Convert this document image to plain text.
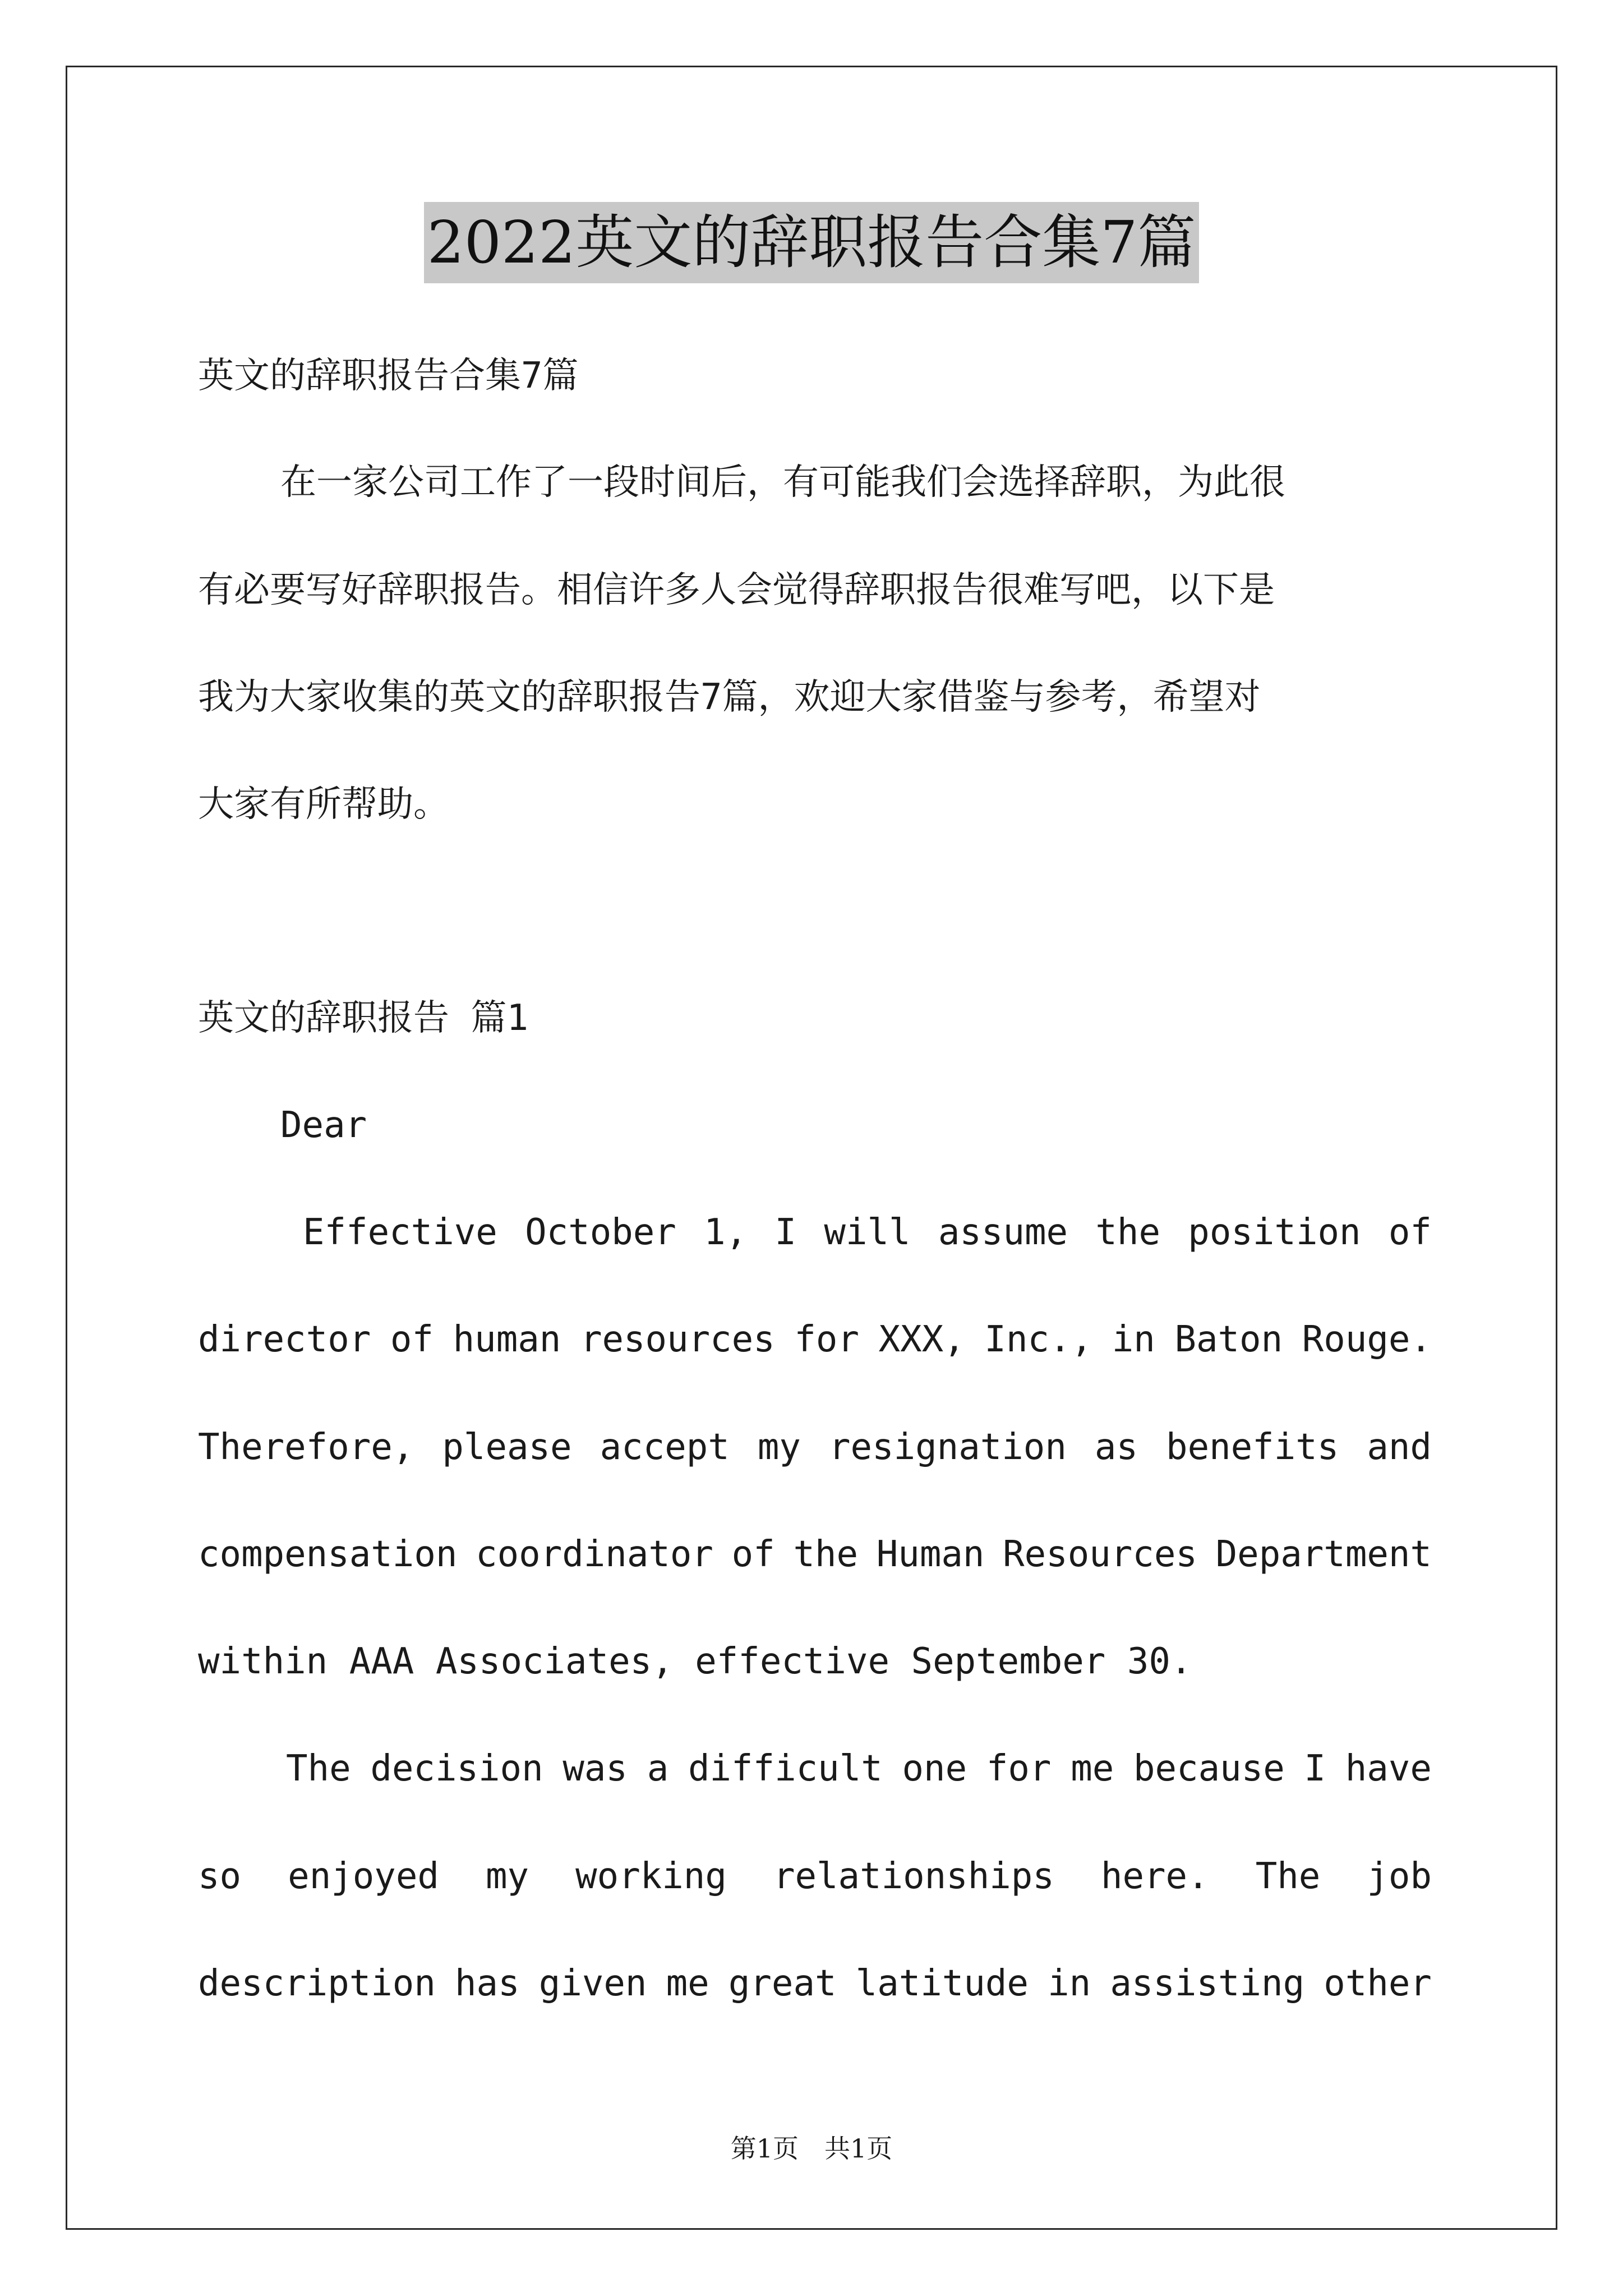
2022英文的辞职报告合集7篇
英文的辞职报告合集7篇
在一家公司工作了一段时间后，有可能我们会选择辞职，为此很
有必要写好辞职报告。相信许多人会觉得辞职报告很难写吧，以下是
我为大家收集的英文的辞职报告7篇，欢迎大家借鉴与参考，希望对
大家有所帮助。
英文的辞职报告 篇1
Dear
Effective October 1, I will assume the position of
director of human resources for XXX, Inc., in Baton Rouge.
Therefore, please accept my resignation as benefits and
compensation coordinator of the Human Resources Department
within AAA Associates, effective September 30.
The decision was a difficult one for me because I have
so enjoyed my working relationships here. The job
description has given me great latitude in assisting other
第1页　共1页
